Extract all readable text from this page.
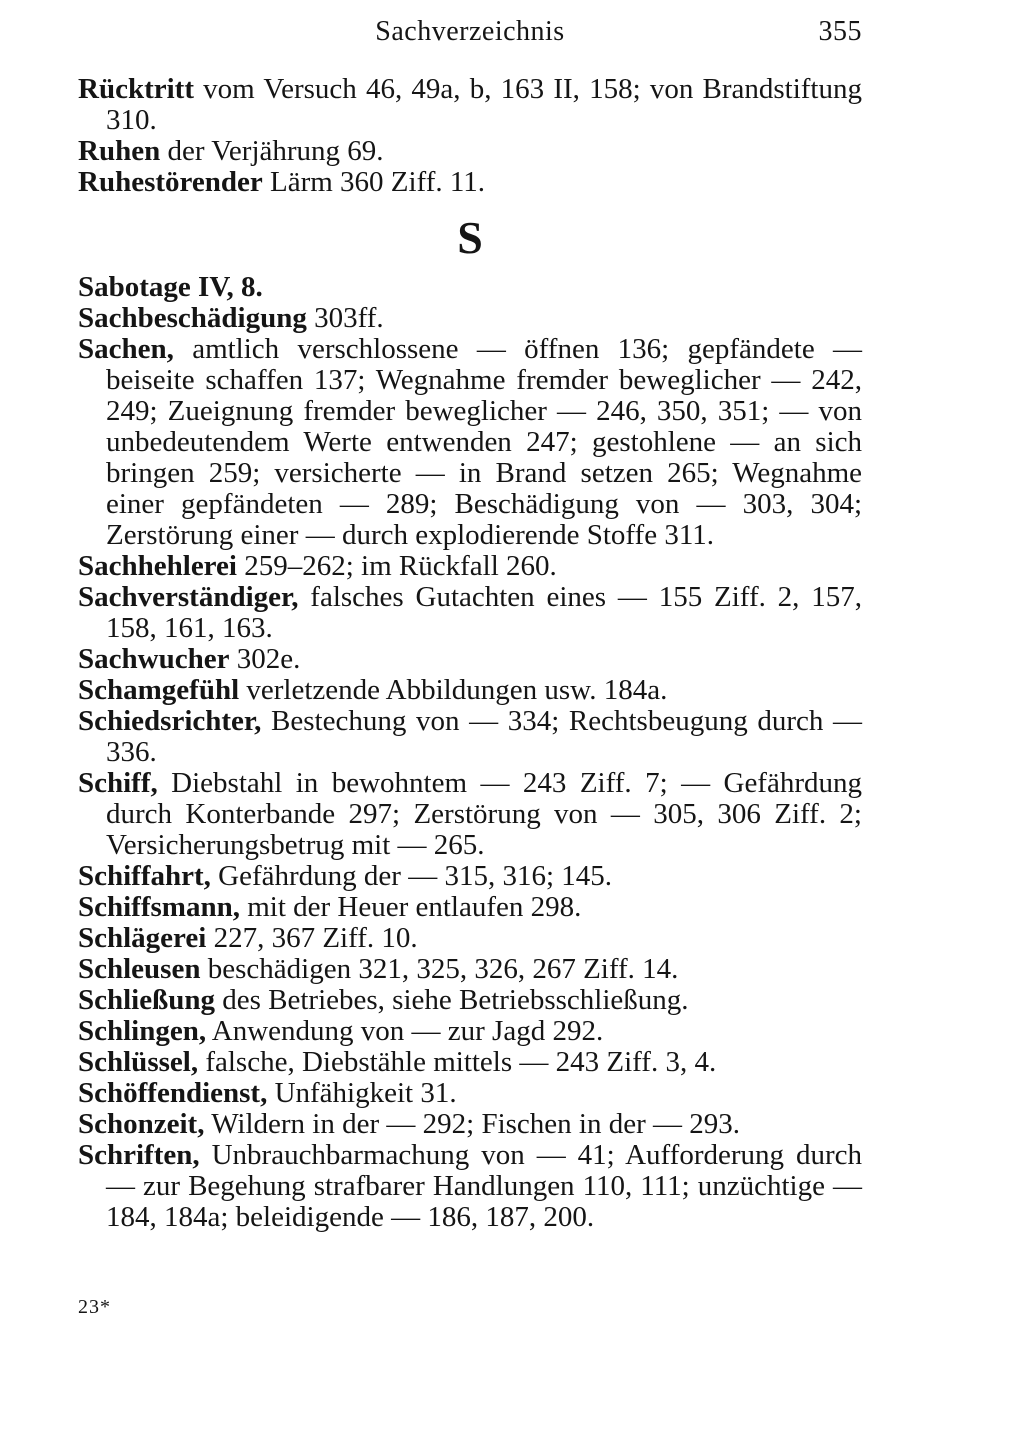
Sachverzeichnis	355

Rücktritt vom Versuch 46, 49a, b, 163 II, 158; von Brandstiftung 310.

Ruhen der Verjährung 69.

Ruhestörender Lärm 360 Ziff. 11.

S

Sabotage IV, 8.

Sachbeschädigung 303ff.

Sachen, amtlich verschlossene — öffnen 136; gepfändete — beiseite schaffen 137; Wegnahme fremder beweglicher — 242, 249; Zueignung fremder beweglicher — 246, 350, 351; — von unbedeutendem Werte entwenden 247; gestohlene — an sich bringen 259; versicherte — in Brand setzen 265; Wegnahme einer gepfändeten — 289; Beschädigung von — 303, 304; Zerstörung einer — durch explodierende Stoffe 311.

Sachhehlerei 259–262; im Rückfall 260.

Sachverständiger, falsches Gutachten eines — 155 Ziff. 2, 157, 158, 161, 163.

Sachwucher 302e.

Schamgefühl verletzende Abbildungen usw. 184a.

Schiedsrichter, Bestechung von — 334; Rechtsbeugung durch — 336.

Schiff, Diebstahl in bewohntem — 243 Ziff. 7; — Gefährdung durch Konterbande 297; Zerstörung von — 305, 306 Ziff. 2; Versicherungsbetrug mit — 265.

Schiffahrt, Gefährdung der — 315, 316; 145.

Schiffsmann, mit der Heuer entlaufen 298.

Schlägerei 227, 367 Ziff. 10.

Schleusen beschädigen 321, 325, 326, 267 Ziff. 14.

Schließung des Betriebes, siehe Betriebsschließung.

Schlingen, Anwendung von — zur Jagd 292.

Schlüssel, falsche, Diebstähle mittels — 243 Ziff. 3, 4.

Schöffendienst, Unfähigkeit 31.

Schonzeit, Wildern in der — 292; Fischen in der — 293.

Schriften, Unbrauchbarmachung von — 41; Aufforderung durch — zur Begehung strafbarer Handlungen 110, 111; unzüchtige — 184, 184a; beleidigende — 186, 187, 200.

23*
